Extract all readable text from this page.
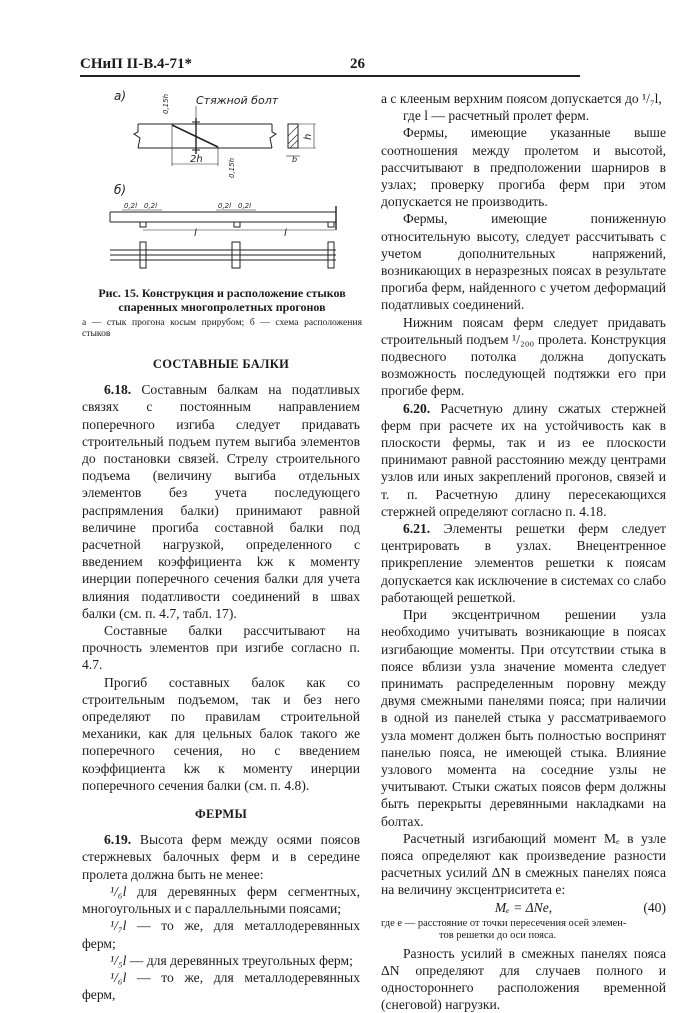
СНиП II-В.4-71*	26
а)	Стяжной болт
2h
0,15h
0,15h
h
b
б)
0,2l 0,2l	0,2l 0,2l
l	l
Рис. 15. Конструкция и расположение стыков спаренных многопролетных прогонов
а — стык прогона косым прирубом; б — схема расположения стыков

СОСТАВНЫЕ БАЛКИ

6.18. Составным балкам на податливых связях с постоянным направлением поперечного изгиба следует придавать строительный подъем путем выгиба элементов до постановки связей. Стрелу строительного подъема (величину выгиба отдельных элементов без учета последующего распрямления балки) принимают равной величине прогиба составной балки под расчетной нагрузкой, определенного с введением коэффициента kж к моменту инерции поперечного сечения балки для учета влияния податливости соединений в швах балки (см. п. 4.7, табл. 17).

Составные балки рассчитывают на прочность элементов при изгибе согласно п. 4.7.

Прогиб составных балок как со строительным подъемом, так и без него определяют по правилам строительной механики, как для цельных балок такого же поперечного сечения, но с введением коэффициента kж к моменту инерции поперечного сечения балки (см. п. 4.8).

ФЕРМЫ

6.19. Высота ферм между осями поясов стержневых балочных ферм и в середине пролета должна быть не менее:

¹/₆l для деревянных ферм сегментных, многоугольных и с параллельными поясами;

¹/₇l — то же, для металлодеревянных ферм;

¹/₅l — для деревянных треугольных ферм;

¹/₆l — то же, для металлодеревянных ферм,

а с клееным верхним поясом допускается до ¹/₇l,

где l — расчетный пролет ферм.

Фермы, имеющие указанные выше соотношения между пролетом и высотой, рассчитывают в предположении шарниров в узлах; проверку прогиба ферм при этом допускается не производить.

Фермы, имеющие пониженную относительную высоту, следует рассчитывать с учетом дополнительных напряжений, возникающих в неразрезных поясах в результате прогиба ферм, найденного с учетом деформаций податливых соединений.

Нижним поясам ферм следует придавать строительный подъем ¹/₂₀₀ пролета. Конструкция подвесного потолка должна допускать возможность последующей подтяжки его при прогибе ферм.

6.20. Расчетную длину сжатых стержней ферм при расчете их на устойчивость как в плоскости фермы, так и из ее плоскости принимают равной расстоянию между центрами узлов или иных закреплений прогонов, связей и т. п. Расчетную длину пересекающихся стержней определяют согласно п. 4.18.

6.21. Элементы решетки ферм следует центрировать в узлах. Внецентренное прикрепление элементов решетки к поясам допускается как исключение в системах со слабо работающей решеткой.

При эксцентричном решении узла необходимо учитывать возникающие в поясах изгибающие моменты. При отсутствии стыка в поясе вблизи узла значение момента следует принимать распределенным поровну между двумя смежными панелями пояса; при наличии в одной из панелей стыка у рассматриваемого узла момент должен быть полностью воспринят панелью пояса, не имеющей стыка. Влияние узлового момента на соседние узлы не учитывают. Стыки сжатых поясов ферм должны быть перекрыты деревянными накладками на болтах.

Расчетный изгибающий момент Mₑ в узле пояса определяют как произведение разности расчетных усилий ΔN в смежных панелях пояса на величину эксцентриситета e:

Mₑ = ΔNe,	(40)
где e — расстояние от точки пересечения осей элемен-
тов решетки до оси пояса.

Разность усилий в смежных панелях пояса ΔN определяют для случаев полного и одностороннего расположения временной (снеговой) нагрузки.
